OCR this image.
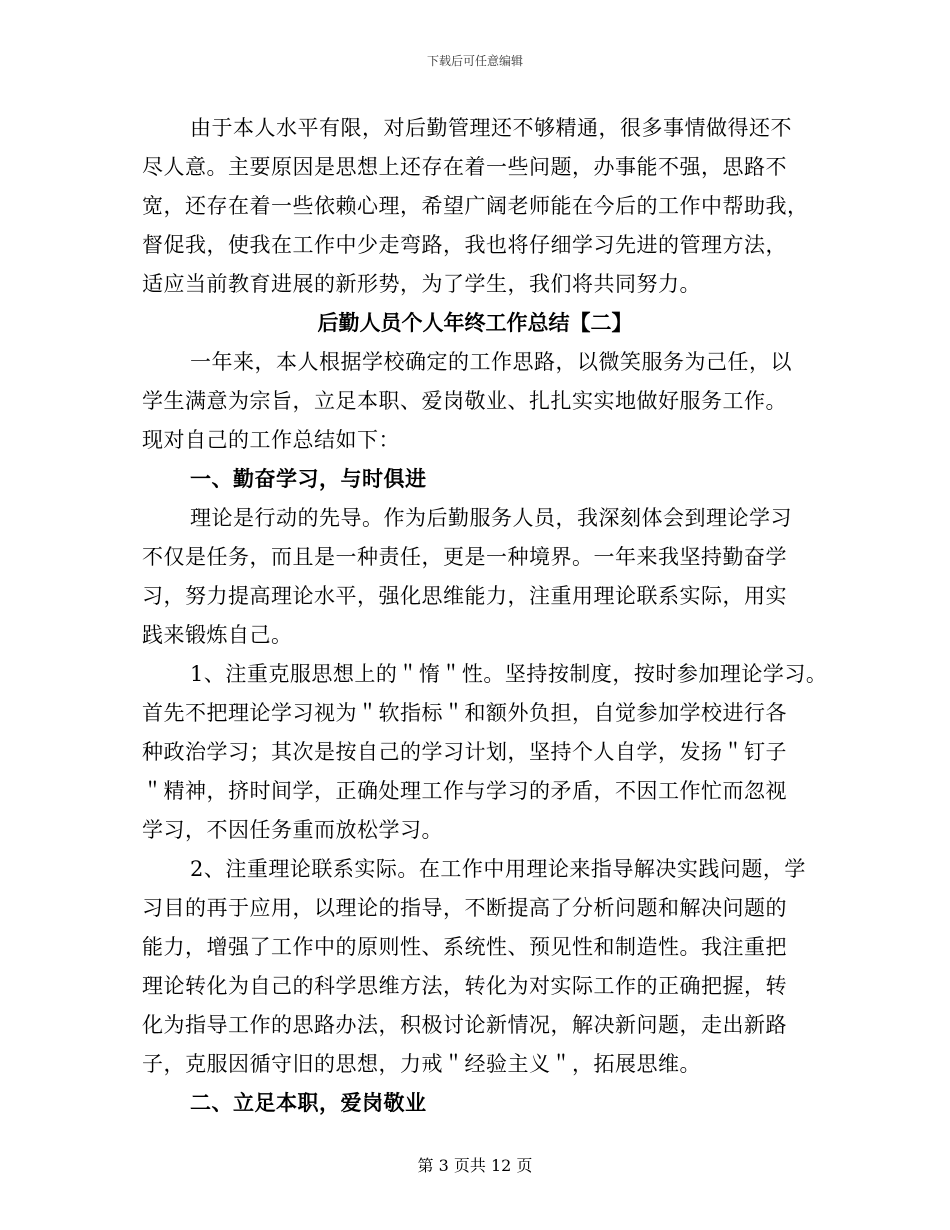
下载后可任意编辑
由于本人水平有限，对后勤管理还不够精通，很多事情做得还不
尽人意。主要原因是思想上还存在着一些问题，办事能不强，思路不
宽，还存在着一些依赖心理，希望广阔老师能在今后的工作中帮助我，
督促我，使我在工作中少走弯路，我也将仔细学习先进的管理方法，
适应当前教育进展的新形势，为了学生，我们将共同努力。
后勤人员个人年终工作总结【二】
一年来，本人根据学校确定的工作思路，以微笑服务为己任，以
学生满意为宗旨，立足本职、爱岗敬业、扎扎实实地做好服务工作。
现对自己的工作总结如下：
一、勤奋学习，与时俱进
理论是行动的先导。作为后勤服务人员，我深刻体会到理论学习
不仅是任务，而且是一种责任，更是一种境界。一年来我坚持勤奋学
习，努力提高理论水平，强化思维能力，注重用理论联系实际，用实
践来锻炼自己。
1、注重克服思想上的＂惰＂性。坚持按制度，按时参加理论学习。
首先不把理论学习视为＂软指标＂和额外负担，自觉参加学校进行各
种政治学习；其次是按自己的学习计划，坚持个人自学，发扬＂钉子
＂精神，挤时间学，正确处理工作与学习的矛盾，不因工作忙而忽视
学习，不因任务重而放松学习。
2、注重理论联系实际。在工作中用理论来指导解决实践问题，学
习目的再于应用，以理论的指导，不断提高了分析问题和解决问题的
能力，增强了工作中的原则性、系统性、预见性和制造性。我注重把
理论转化为自己的科学思维方法，转化为对实际工作的正确把握，转
化为指导工作的思路办法，积极讨论新情况，解决新问题，走出新路
子，克服因循守旧的思想，力戒＂经验主义＂，拓展思维。
二、立足本职，爱岗敬业
第 3 页共 12 页
